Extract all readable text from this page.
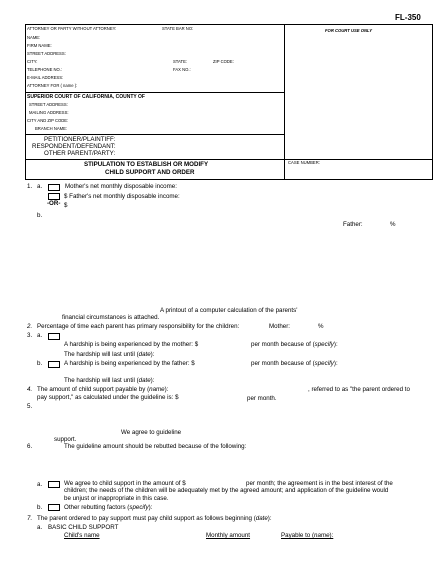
FL-350
ATTORNEY OR PARTY WITHOUT ATTORNEY:	STATE BAR NO:
NAME:
FIRM NAME:
STREET ADDRESS:
CITY:	STATE:	ZIP CODE:
TELEPHONE NO.:	FAX NO.:
E-MAIL ADDRESS:
ATTORNEY FOR ( name ):
FOR COURT USE ONLY
SUPERIOR COURT OF CALIFORNIA, COUNTY OF
STREET ADDRESS:
MAILING ADDRESS:
CITY AND ZIP CODE:
BRANCH NAME:
PETITIONER/PLAINTIFF:
RESPONDENT/DEFENDANT:
OTHER PARENT/PARTY:
STIPULATION TO ESTABLISH OR MODIFY
CHILD SUPPORT AND ORDER
CASE NUMBER:
1. a.	Mother's net monthly disposable income:
$ Father's net monthly disposable income:
-OR- $
b.
Father:	%
A printout of a computer calculation of the parents'
financial circumstances is attached.
2. Percentage of time each parent has primary responsibility for the children:	Mother:	%
3. a.
A hardship is being experienced by the mother: $	per month because of (specify):
The hardship will last until (date):
b.	A hardship is being experienced by the father: $	per month because of (specify):
The hardship will last until (date):
4. The amount of child support payable by (name):	, referred to as "the parent ordered to
pay support," as calculated under the guideline is: $	per month.
5.
We agree to guideline
support.
6.	The guideline amount should be rebutted because of the following:
a.	We agree to child support in the amount of $	per month; the agreement is in the best interest of the
children; the needs of the children will be adequately met by the agreed amount; and application of the guideline would
be unjust or inappropriate in this case.
b.	Other rebutting factors (specify):
7. The parent ordered to pay support must pay child support as follows beginning (date):
a. BASIC CHILD SUPPORT
Child's name	Monthly amount	Payable to (name):
